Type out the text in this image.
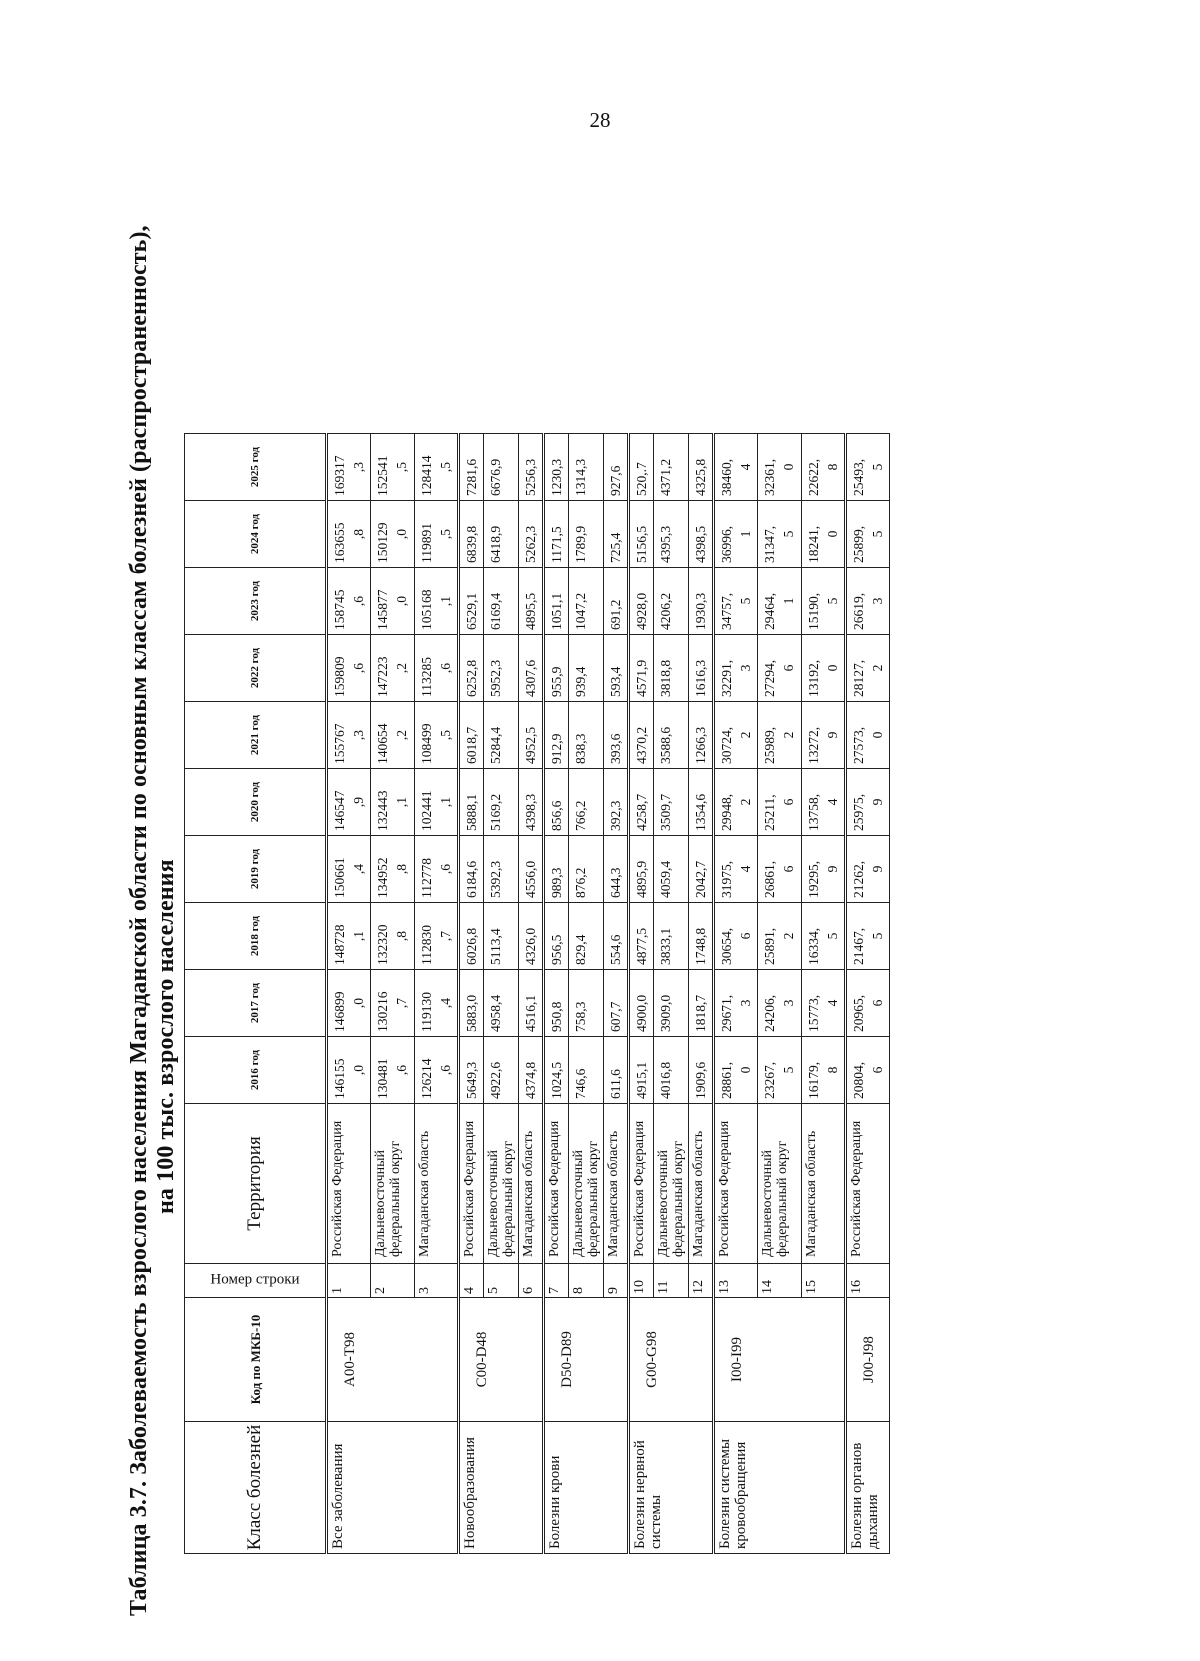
28
Таблица 3.7. Заболеваемость взрослого населения Магаданской области по основным классам болезней (распространенность), на 100 тыс. взрослого населения
Класс болезней	Код по МКБ-10	Номер строки	Территория	2016 год	2017 год	2018 год	2019 год	2020 год	2021 год	2022 год	2023 год	2024 год	2025 год
Все заболевания	A00-T98	1	Российская Федерация	146155 ,0	146899 ,0	148728 ,1	150661 ,4	146547 ,9	155767 ,3	159809 ,6	158745 ,6	163655 ,8	169317 ,3

		2	Дальневосточный федеральный округ	130481 ,6	130216 ,7	132320 ,8	134952 ,8	132443 ,1	140654 ,2	147223 ,2	145877 ,0	150129 ,0	152541 ,5

		3	Магаданская область	126214 ,6	119130 ,4	112830 ,7	112778 ,6	102441 ,1	108499 ,5	113285 ,6	105168 ,1	119891 ,5	128414 ,5

Новообразования	C00-D48	4	Российская Федерация	5649,3	5883,0	6026,8	6184,6	5888,1	6018,7	6252,8	6529,1	6839,8	7281,6
		5	Дальневосточный федеральный округ	4922,6	4958,4	5113,4	5392,3	5169,2	5284,4	5952,3	6169,4	6418,9	6676,9
		6	Магаданская область	4374,8	4516,1	4326,0	4556,0	4398,3	4952,5	4307,6	4895,5	5262,3	5256,3
Болезни крови	D50-D89	7	Российская Федерация	1024,5	950,8	956,5	989,3	856,6	912,9	955,9	1051,1	1171,5	1230,3
		8	Дальневосточный федеральный округ	746,6	758,3	829,4	876,2	766,2	838,3	939,4	1047,2	1789,9	1314,3
		9	Магаданская область	611,6	607,7	554,6	644,3	392,3	393,6	593,4	691,2	725,4	927,6
Болезни нервной системы	G00-G98	10	Российская Федерация	4915,1	4900,0	4877,5	4895,9	4258,7	4370,2	4571,9	4928,0	5156,5	520,.7
		11	Дальневосточный федеральный округ	4016,8	3909,0	3833,1	4059,4	3509,7	3588,6	3818,8	4206,2	4395,3	4371,2
		12	Магаданская область	1909,6	1818,7	1748,8	2042,7	1354,6	1266,3	1616,3	1930,3	4398,5	4325,8
Болезни системы кровообращения	I00-I99	13	Российская Федерация	28861, 0	29671, 3	30654, 6	31975, 4	29948, 2	30724, 2	32291, 3	34757, 5	36996, 1	38460, 4

		14	Дальневосточный федеральный округ	23267, 5	24206, 3	25891, 2	26861, 6	25211, 6	25989, 2	27294, 6	29464, 1	31347, 5	32361, 0

		15	Магаданская область	16179, 8	15773, 4	16334, 5	19295, 9	13758, 4	13272, 9	13192, 0	15190, 5	18241, 0	22622, 8

Болезни органов дыхания	J00-J98	16	Российская Федерация	20804, 6	20965, 6	21467, 5	21262, 9	25975, 9	27573, 0	28127, 2	26619, 3	25899, 5	25493, 5
